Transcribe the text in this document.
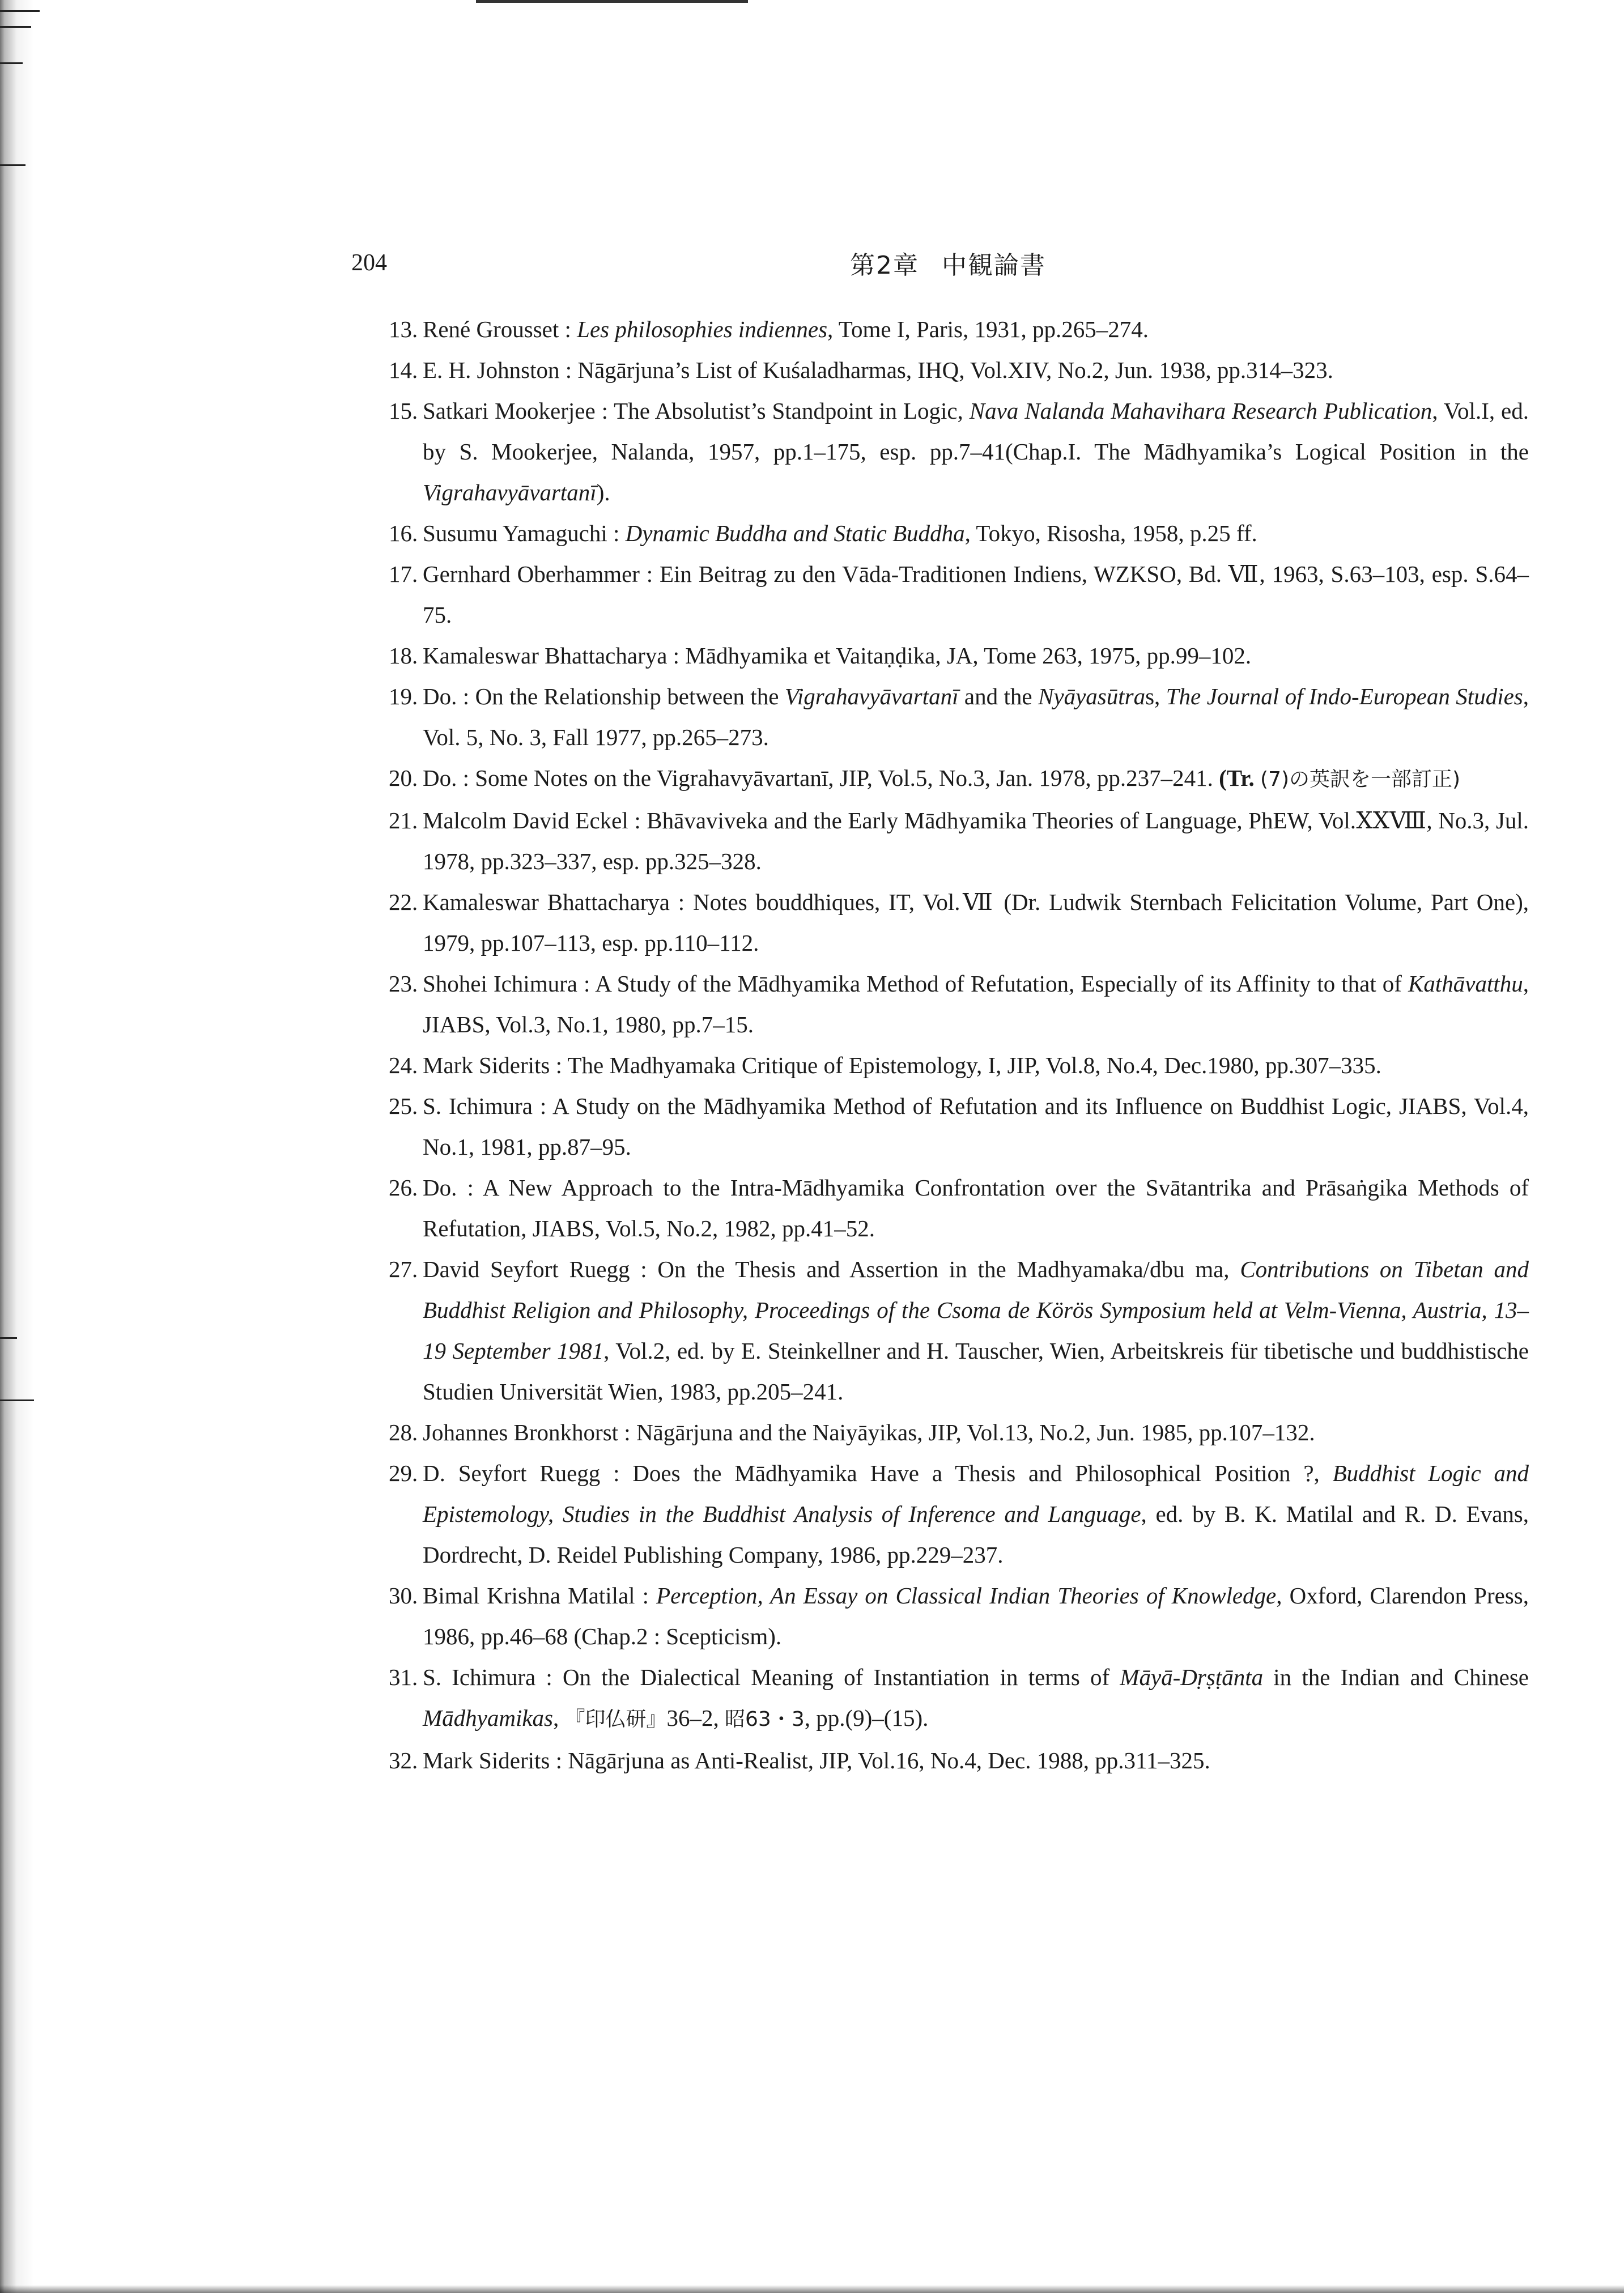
204	第2章 中観論書
13. René Grousset : Les philosophies indiennes, Tome I, Paris, 1931, pp.265–274.
14. E. H. Johnston : Nāgārjuna’s List of Kuśaladharmas, IHQ, Vol.XIV, No.2, Jun. 1938, pp.314–323.
15. Satkari Mookerjee : The Absolutist’s Standpoint in Logic, Nava Nalanda Mahavihara Research Publication, Vol.I, ed. by S. Mookerjee, Nalanda, 1957, pp.1–175, esp. pp.7–41(Chap.I. The Mādhyamika’s Logical Position in the Vigrahavyāvartanī).
16. Susumu Yamaguchi : Dynamic Buddha and Static Buddha, Tokyo, Risosha, 1958, p.25 ff.
17. Gernhard Oberhammer : Ein Beitrag zu den Vāda-Traditionen Indiens, WZKSO, Bd. Ⅶ, 1963, S.63–103, esp. S.64–75.
18. Kamaleswar Bhattacharya : Mādhyamika et Vaitaṇḍika, JA, Tome 263, 1975, pp.99–102.
19. Do. : On the Relationship between the Vigrahavyāvartanī and the Nyāyasūtras, The Journal of Indo-European Studies, Vol. 5, No. 3, Fall 1977, pp.265–273.
20. Do. : Some Notes on the Vigrahavyāvartanī, JIP, Vol.5, No.3, Jan. 1978, pp.237–241. (Tr. (7)の英訳を一部訂正)
21. Malcolm David Eckel : Bhāvaviveka and the Early Mādhyamika Theories of Language, PhEW, Vol.ⅩⅩⅧ, No.3, Jul. 1978, pp.323–337, esp. pp.325–328.
22. Kamaleswar Bhattacharya : Notes bouddhiques, IT, Vol.Ⅶ (Dr. Ludwik Sternbach Felicitation Volume, Part One), 1979, pp.107–113, esp. pp.110–112.
23. Shohei Ichimura : A Study of the Mādhyamika Method of Refutation, Especially of its Affinity to that of Kathāvatthu, JIABS, Vol.3, No.1, 1980, pp.7–15.
24. Mark Siderits : The Madhyamaka Critique of Epistemology, I, JIP, Vol.8, No.4, Dec.1980, pp.307–335.
25. S. Ichimura : A Study on the Mādhyamika Method of Refutation and its Influence on Buddhist Logic, JIABS, Vol.4, No.1, 1981, pp.87–95.
26. Do. : A New Approach to the Intra-Mādhyamika Confrontation over the Svātantrika and Prāsaṅgika Methods of Refutation, JIABS, Vol.5, No.2, 1982, pp.41–52.
27. David Seyfort Ruegg : On the Thesis and Assertion in the Madhyamaka/dbu ma, Contributions on Tibetan and Buddhist Religion and Philosophy, Proceedings of the Csoma de Körös Symposium held at Velm-Vienna, Austria, 13–19 September 1981, Vol.2, ed. by E. Steinkellner and H. Tauscher, Wien, Arbeitskreis für tibetische und buddhistische Studien Universität Wien, 1983, pp.205–241.
28. Johannes Bronkhorst : Nāgārjuna and the Naiyāyikas, JIP, Vol.13, No.2, Jun. 1985, pp.107–132.
29. D. Seyfort Ruegg : Does the Mādhyamika Have a Thesis and Philosophical Position ?, Buddhist Logic and Epistemology, Studies in the Buddhist Analysis of Inference and Language, ed. by B. K. Matilal and R. D. Evans, Dordrecht, D. Reidel Publishing Company, 1986, pp.229–237.
30. Bimal Krishna Matilal : Perception, An Essay on Classical Indian Theories of Knowledge, Oxford, Clarendon Press, 1986, pp.46–68 (Chap.2 : Scepticism).
31. S. Ichimura : On the Dialectical Meaning of Instantiation in terms of Māyā-Dṛṣṭānta in the Indian and Chinese Mādhyamikas, 『印仏研』36–2, 昭63・3, pp.(9)–(15).
32. Mark Siderits : Nāgārjuna as Anti-Realist, JIP, Vol.16, No.4, Dec. 1988, pp.311–325.
